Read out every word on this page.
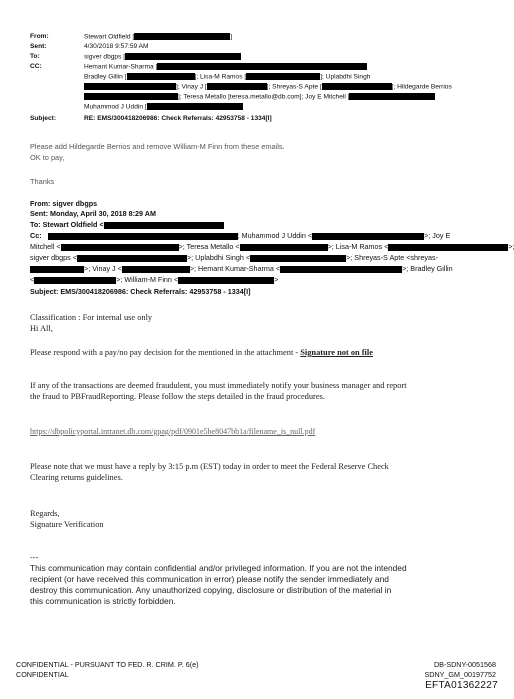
From:	Stewart Oldfield [	]
Sent:	4/30/2018 9:57:59 AM
To:	sigver dbgps [
CC:	Hemant Kumar-Sharma [
Bradley Gillin [	]; Lisa-M Ramos [	]; Uplabdhi Singh
]; Vinay J [	]; Shreyas-S Apte [	]; Hildegarde Berrios
]; Teresa Metallo [teresa.metallo@db.com]; Joy E Mitchell [
Muhammod J Uddin [
Subject:	RE: EMS/300418206986: Check Referrals: 42953758 - 1334[I]
Please add Hildegarde Berrios and remove William-M Finn from these emails.
OK to pay,
Thanks
From: sigver dbgps
Sent: Monday, April 30, 2018 8:29 AM
To: Stewart Oldfield <
Cc:	; Muhammod J Uddin <	>; Joy E
Mitchell <	>; Teresa Metallo <	>; Lisa-M Ramos <	>;
sigver dbgps <	>; Uplabdhi Singh <	>; Shreyas-S Apte <shreyas-
>; Vinay J <	>; Hemant Kumar-Sharma <	>; Bradley Gillin
<	>; William-M Finn <	>
Subject: EMS/300418206986: Check Referrals: 42953758 - 1334[I]
Classification : For internal use only
Hi All,
Please respond with a pay/no pay decision for the mentioned in the attachment - Signature not on file
If any of the transactions are deemed fraudulent, you must immediately notify your business manager and report
the fraud to PBFraudReporting. Please follow the steps detailed in the fraud procedures.
https://dbpolicyportal.intranet.db.com/gpag/pdf/0901e5be8047bb1a/filename_is_null.pdf
Please note that we must have a reply by 3:15 p.m (EST) today in order to meet the Federal Reserve Check
Clearing returns guidelines.
Regards,
Signature Verification
---
This communication may contain confidential and/or privileged information. If you are not the intended
recipient (or have received this communication in error) please notify the sender immediately and
destroy this communication. Any unauthorized copying, disclosure or distribution of the material in
this communication is strictly forbidden.
CONFIDENTIAL - PURSUANT TO FED. R. CRIM. P. 6(e)
CONFIDENTIAL
DB-SDNY-0051568
SDNY_GM_00197752
EFTA01362227
